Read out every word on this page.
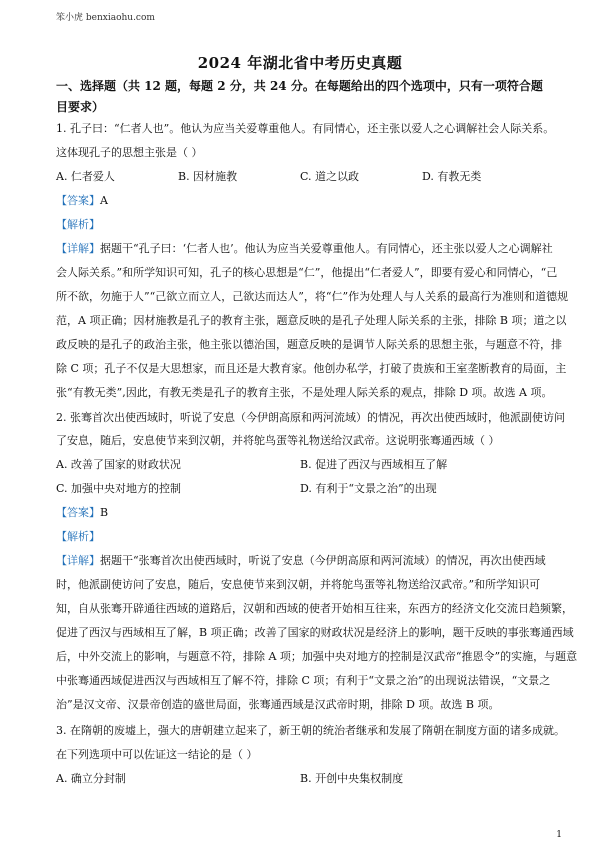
笨小虎 benxiaohu.com
2024 年湖北省中考历史真题

一、选择题（共 12 题，每题 2 分，共 24 分。在每题给出的四个选项中，只有一项符合题目要求）

1. 孔子曰：“仁者人也”。他认为应当关爱尊重他人。有同情心，还主张以爱人之心调解社会人际关系。
这体现孔子的思想主张是（ ）
A. 仁者爱人	B. 因材施教	C. 道之以政	D. 有教无类
【答案】A
【解析】
【详解】据题干“孔子曰：‘仁者人也’。他认为应当关爱尊重他人。有同情心，还主张以爱人之心调解社
会人际关系。”和所学知识可知，孔子的核心思想是“仁”，他提出“仁者爱人”，即要有爱心和同情心，“己
所不欲，勿施于人”“己欲立而立人，己欲达而达人”，将“仁”作为处理人与人关系的最高行为准则和道德规
范，A 项正确；因材施教是孔子的教育主张，题意反映的是孔子处理人际关系的主张，排除 B 项；道之以
政反映的是孔子的政治主张，他主张以德治国，题意反映的是调节人际关系的思想主张，与题意不符，排
除 C 项；孔子不仅是大思想家，而且还是大教育家。他创办私学，打破了贵族和王室垄断教育的局面，主
张“有教无类”,因此，有教无类是孔子的教育主张，不是处理人际关系的观点，排除 D 项。故选 A 项。
2. 张骞首次出使西域时，听说了安息（今伊朗高原和两河流域）的情况，再次出使西域时，他派副使访问
了安息，随后，安息使节来到汉朝，并将鸵鸟蛋等礼物送给汉武帝。这说明张骞通西域（ ）
A. 改善了国家的财政状况	B. 促进了西汉与西域相互了解
C. 加强中央对地方的控制	D. 有利于“文景之治”的出现
【答案】B
【解析】
【详解】据题干“张骞首次出使西域时，听说了安息（今伊朗高原和两河流域）的情况，再次出使西域
时，他派副使访问了安息，随后，安息使节来到汉朝，并将鸵鸟蛋等礼物送给汉武帝。”和所学知识可
知，自从张骞开辟通往西域的道路后，汉朝和西域的使者开始相互往来，东西方的经济文化交流日趋频繁，
促进了西汉与西域相互了解，B 项正确；改善了国家的财政状况是经济上的影响，题干反映的事张骞通西域
后，中外交流上的影响，与题意不符，排除 A 项；加强中央对地方的控制是汉武帝“推恩令”的实施，与题意
中张骞通西域促进西汉与西域相互了解不符，排除 C 项；有利于“文景之治”的出现说法错误，“文景之
治”是汉文帝、汉景帝创造的盛世局面，张骞通西域是汉武帝时期，排除 D 项。故选 B 项。
3. 在隋朝的废墟上，强大的唐朝建立起来了，新王朝的统治者继承和发展了隋朝在制度方面的诸多成就。
在下列选项中可以佐证这一结论的是（ ）
A. 确立分封制	B. 开创中央集权制度
1
